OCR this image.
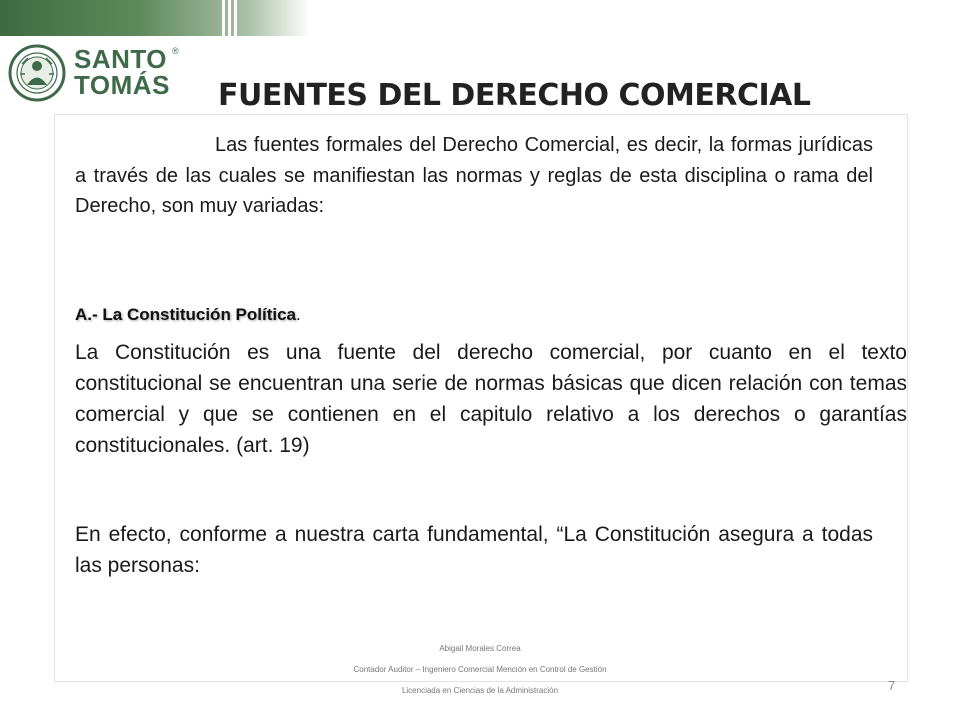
SANTO ®
TOMÁS FUENTES DEL DERECHO COMERCIAL

Las fuentes formales del Derecho Comercial, es decir, la formas jurídicas a través de las cuales se manifiestan las normas y reglas de esta disciplina o rama del Derecho, son muy variadas:

A.- La Constitución Política.

La Constitución es una fuente del derecho comercial, por cuanto en el texto constitucional se encuentran una serie de normas básicas que dicen relación con temas comercial y que se contienen en el capitulo relativo a los derechos o garantías constitucionales. (art. 19)

En efecto, conforme a nuestra carta fundamental, “La Constitución asegura a todas las personas:

Abigail Morales Correa
Contador Auditor – Ingeniero Comercial Mención en Control de Gestión
Licenciada en Ciencias de la Administración	7
